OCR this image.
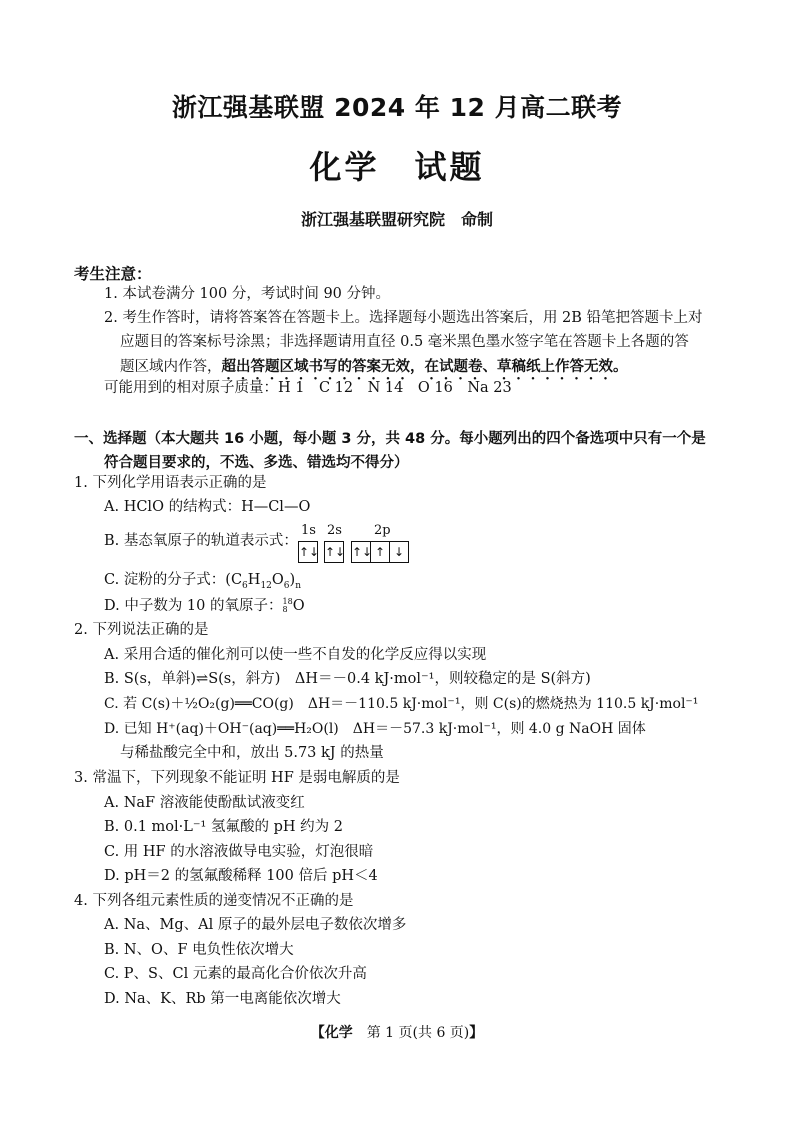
浙江强基联盟 2024 年 12 月高二联考
化学　试题
浙江强基联盟研究院　命制
考生注意：
1. 本试卷满分 100 分，考试时间 90 分钟。
2. 考生作答时，请将答案答在答题卡上。选择题每小题选出答案后，用 2B 铅笔把答题卡上对
应题目的答案标号涂黑；非选择题请用直径 0.5 毫米黑色墨水签字笔在答题卡上各题的答
题区域内作答，超出答题区域书写的答案无效，在试题卷、草稿纸上作答无效。
可能用到的相对原子质量：H 1　C 12　N 14　O 16　Na 23
一、选择题（本大题共 16 小题，每小题 3 分，共 48 分。每小题列出的四个备选项中只有一个是
符合题目要求的，不选、多选、错选均不得分）
1. 下列化学用语表示正确的是
A. HClO 的结构式：H—Cl—O
B. 基态氧原子的轨道表示式：
1s 2s 2p
↑↓ ↑↓ ↑↓ ↑ ↓
C. 淀粉的分子式：$(C_6H_{12}O_6)_n$
D. 中子数为 10 的氧原子： 18
8 O
2. 下列说法正确的是
A. 采用合适的催化剂可以使一些不自发的化学反应得以实现
B. S(s，单斜)⇌S(s，斜方)　ΔH＝－0.4 kJ·mol⁻¹，则较稳定的是 S(斜方)
C. 若 C(s)＋½O₂(g)══CO(g)　ΔH＝－110.5 kJ·mol⁻¹，则 C(s)的燃烧热为 110.5 kJ·mol⁻¹
D. 已知 H⁺(aq)＋OH⁻(aq)══H₂O(l)　ΔH＝－57.3 kJ·mol⁻¹，则 4.0 g NaOH 固体
与稀盐酸完全中和，放出 5.73 kJ 的热量
3. 常温下，下列现象不能证明 HF 是弱电解质的是
A. NaF 溶液能使酚酞试液变红
B. 0.1 mol·L⁻¹ 氢氟酸的 pH 约为 2
C. 用 HF 的水溶液做导电实验，灯泡很暗
D. pH＝2 的氢氟酸稀释 100 倍后 pH＜4
4. 下列各组元素性质的递变情况不正确的是
A. Na、Mg、Al 原子的最外层电子数依次增多
B. N、O、F 电负性依次增大
C. P、S、Cl 元素的最高化合价依次升高
D. Na、K、Rb 第一电离能依次增大
【化学　第 1 页(共 6 页)】
